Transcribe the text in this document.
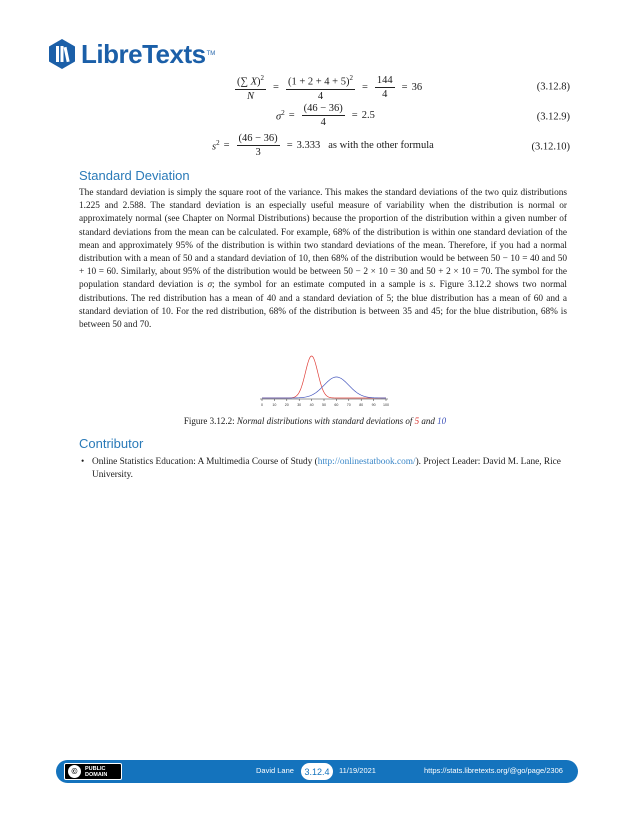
LibreTexts TM
$\frac{(\sum X)^2}{N} = \frac{(1 + 2 + 4 + 5)^2}{4} = \frac{144}{4} = 36$	(3.12.8)
$\sigma^2 = \frac{(46 - 36)}{4} = 2.5$	(3.12.9)
$s^2 = \frac{(46 - 36)}{3} = 3.333$ as with the other formula	(3.12.10)
Standard Deviation

The standard deviation is simply the square root of the variance. This makes the standard deviations of the two quiz distributions 1.225 and 2.588. The standard deviation is an especially useful measure of variability when the distribution is normal or approximately normal (see Chapter on Normal Distributions) because the proportion of the distribution within a given number of standard deviations from the mean can be calculated. For example, 68% of the distribution is within one standard deviation of the mean and approximately 95% of the distribution is within two standard deviations of the mean. Therefore, if you had a normal distribution with a mean of 50 and a standard deviation of 10, then 68% of the distribution would be between 50 − 10 = 40 and 50 + 10 = 60. Similarly, about 95% of the distribution would be between 50 − 2 × 10 = 30 and 50 + 2 × 10 = 70. The symbol for the population standard deviation is σ; the symbol for an estimate computed in a sample is s. Figure 3.12.2 shows two normal distributions. The red distribution has a mean of 40 and a standard deviation of 5; the blue distribution has a mean of 60 and a standard deviation of 10. For the red distribution, 68% of the distribution is between 35 and 45; for the blue distribution, 68% is between 50 and 70.

0	10 20 30 40 50 60 70 80 90 100
Figure 3.12.2: Normal distributions with standard deviations of 5 and 10
Contributor
• Online Statistics Education: A Multimedia Course of Study (http://onlinestatbook.com/). Project Leader: David M. Lane, Rice University.
©	PUBLIC
DOMAIN	David Lane	3.12.4	11/19/2021	https://stats.libretexts.org/@go/page/2306
